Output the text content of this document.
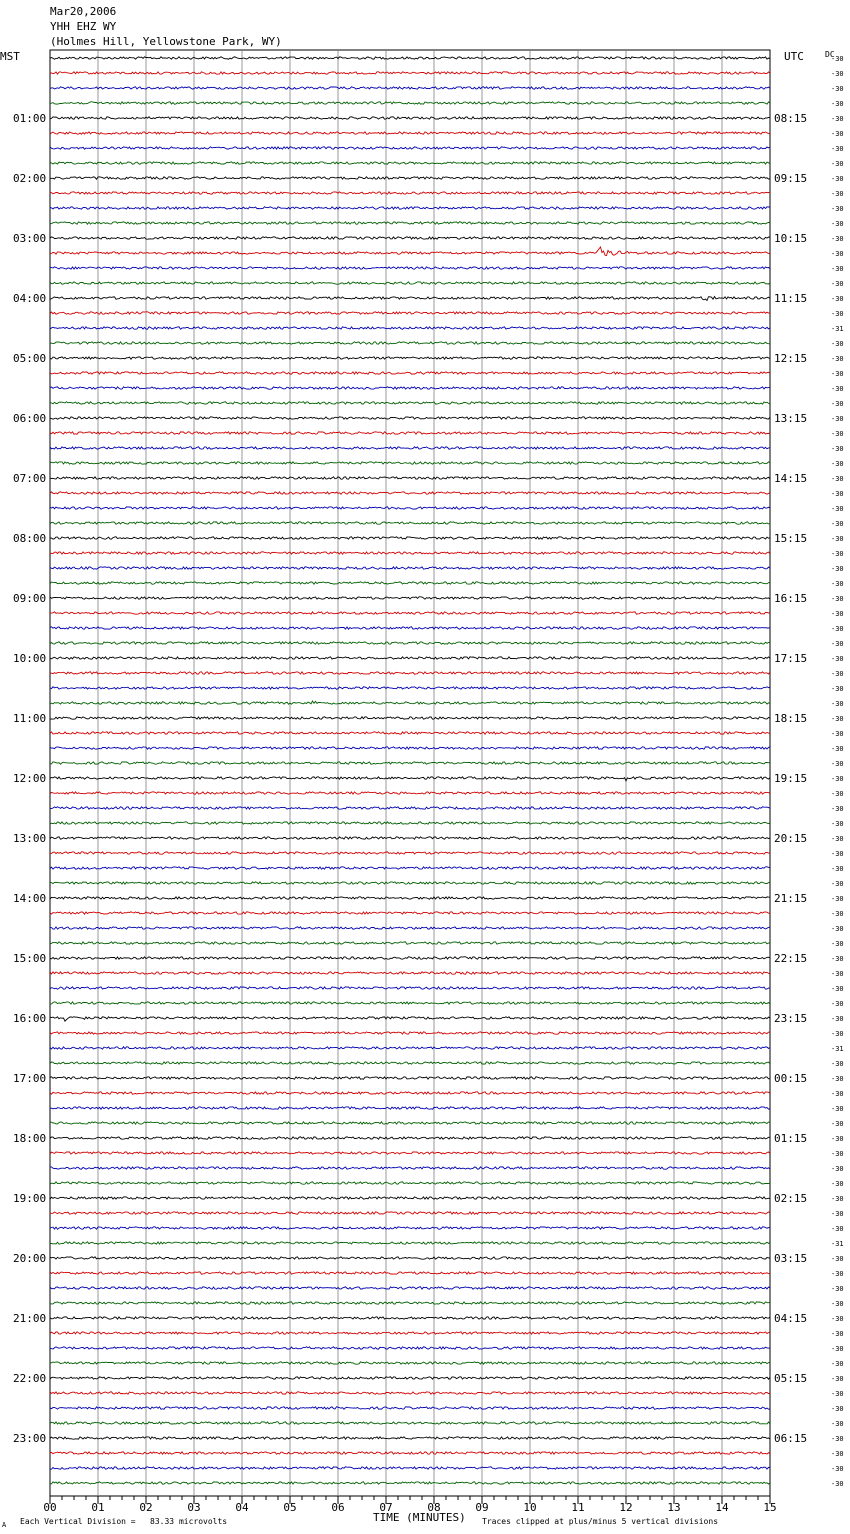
Mar20,2006
YHH EHZ WY
(Holmes Hill, Yellowstone Park, WY)
MST	UTC	DC
TIME (MINUTES)
A Each Vertical Division =   83.33 microvolts	Traces clipped at plus/minus 5 vertical divisions
-30
-30
-30
-30
-30
-30
-30
-30
-30
-30
-30
-30
-30
-30
-30
-30
-30
-30
-31
-30
-30
-30
-30
-30
-30
-30
-30
-30
-30
-30
-30
-30
-30
-30
-30
-30
-30
-30
-30
-30
-30
-30
-30
-30
-30
-30
-30
-30
-30
-30
-30
-30
-30
-30
-30
-30
-30
-30
-30
-30
-30
-30
-30
-30
-30
-30
-31
-30
-30
-30
-30
-30
-30
-30
-30
-30
-30
-30
-30
-31
-30
-30
-30
-30
-30
-30
-30
-30
-30
-30
-30
-30
-30
-30
-30
-30
01:00
02:00
03:00
04:00
05:00
06:00
07:00
08:00
09:00
10:00
11:00
12:00
13:00
14:00
15:00
16:00
17:00
18:00
19:00
20:00
21:00
22:00
23:00
08:15
09:15
10:15
11:15
12:15
13:15
14:15
15:15
16:15
17:15
18:15
19:15
20:15
21:15
22:15
23:15
00:15
01:15
02:15
03:15
04:15
05:15
06:15
00	01	02	03	04	05	06	07	08	09	10	11	12	13	14	15
